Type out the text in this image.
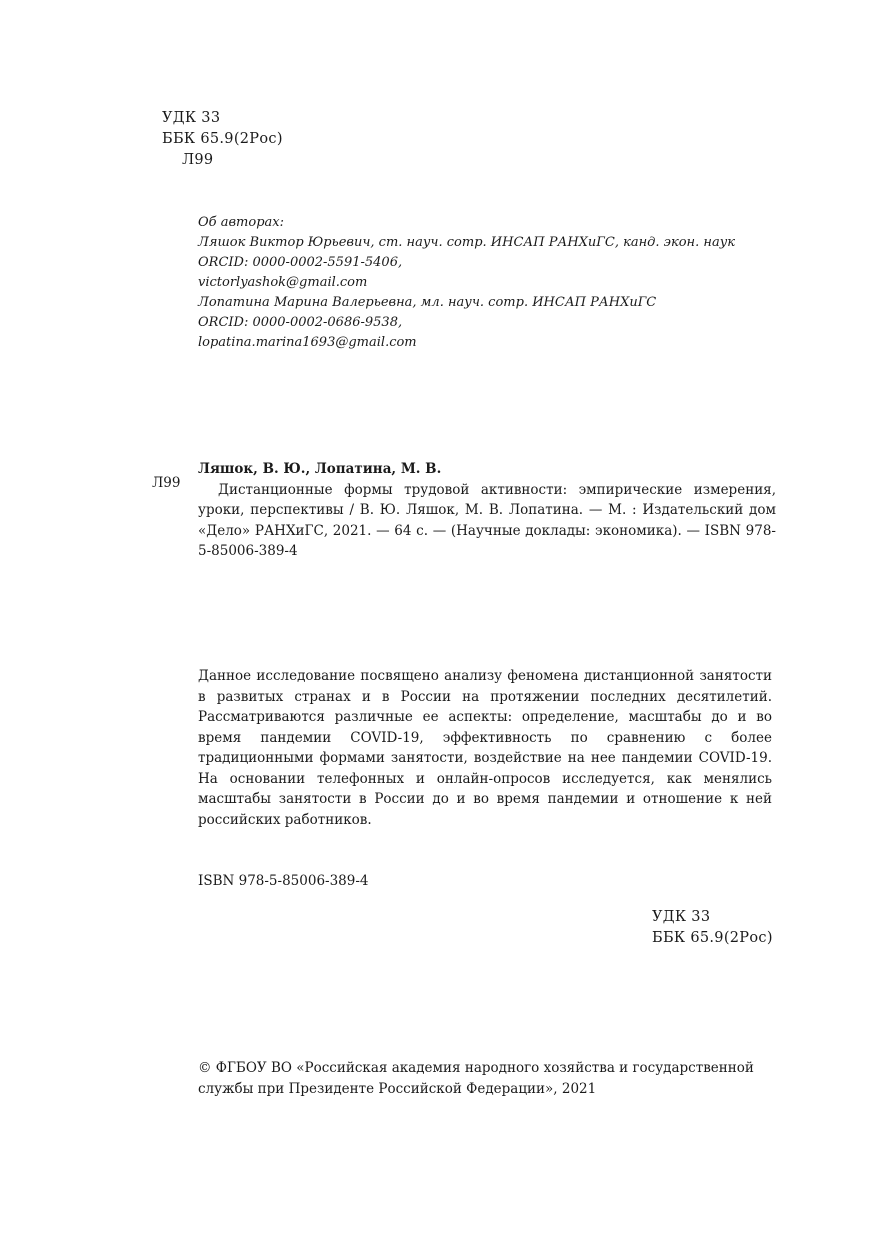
УДК 33
ББК 65.9(2Рос)
Л99
Об авторах:
Ляшок Виктор Юрьевич, ст. науч. сотр. ИНСАП РАНХиГС, канд. экон. наук
ORCID: 0000-0002-5591-5406,
victorlyashok@gmail.com
Лопатина Марина Валерьевна, мл. науч. сотр. ИНСАП РАНХиГС
ORCID: 0000-0002-0686-9538,
lopatina.marina1693@gmail.com
Л99

Ляшок, В. Ю., Лопатина, М. В.

Дистанционные формы трудовой активности: эмпирические измерения, уроки, перспективы / В. Ю. Ляшок, М. В. Лопатина. — М. : Издательский дом «Дело» РАНХиГС, 2021. — 64 с. — (Научные доклады: экономика). — ISBN 978-5-85006-389-4

Данное исследование посвящено анализу феномена дистанционной занятости в развитых странах и в России на протяжении последних десятилетий. Рассматриваются различные ее аспекты: определение, масштабы до и во время пандемии COVID-19, эффективность по сравнению с более традиционными формами занятости, воздействие на нее пандемии COVID-19. На основании телефонных и онлайн-опросов исследуется, как менялись масштабы занятости в России до и во время пандемии и отношение к ней российских работников.

ISBN 978-5-85006-389-4
УДК 33
ББК 65.9(2Рос)

© ФГБОУ ВО «Российская академия народного хозяйства и государственной службы при Президенте Российской Федерации», 2021
